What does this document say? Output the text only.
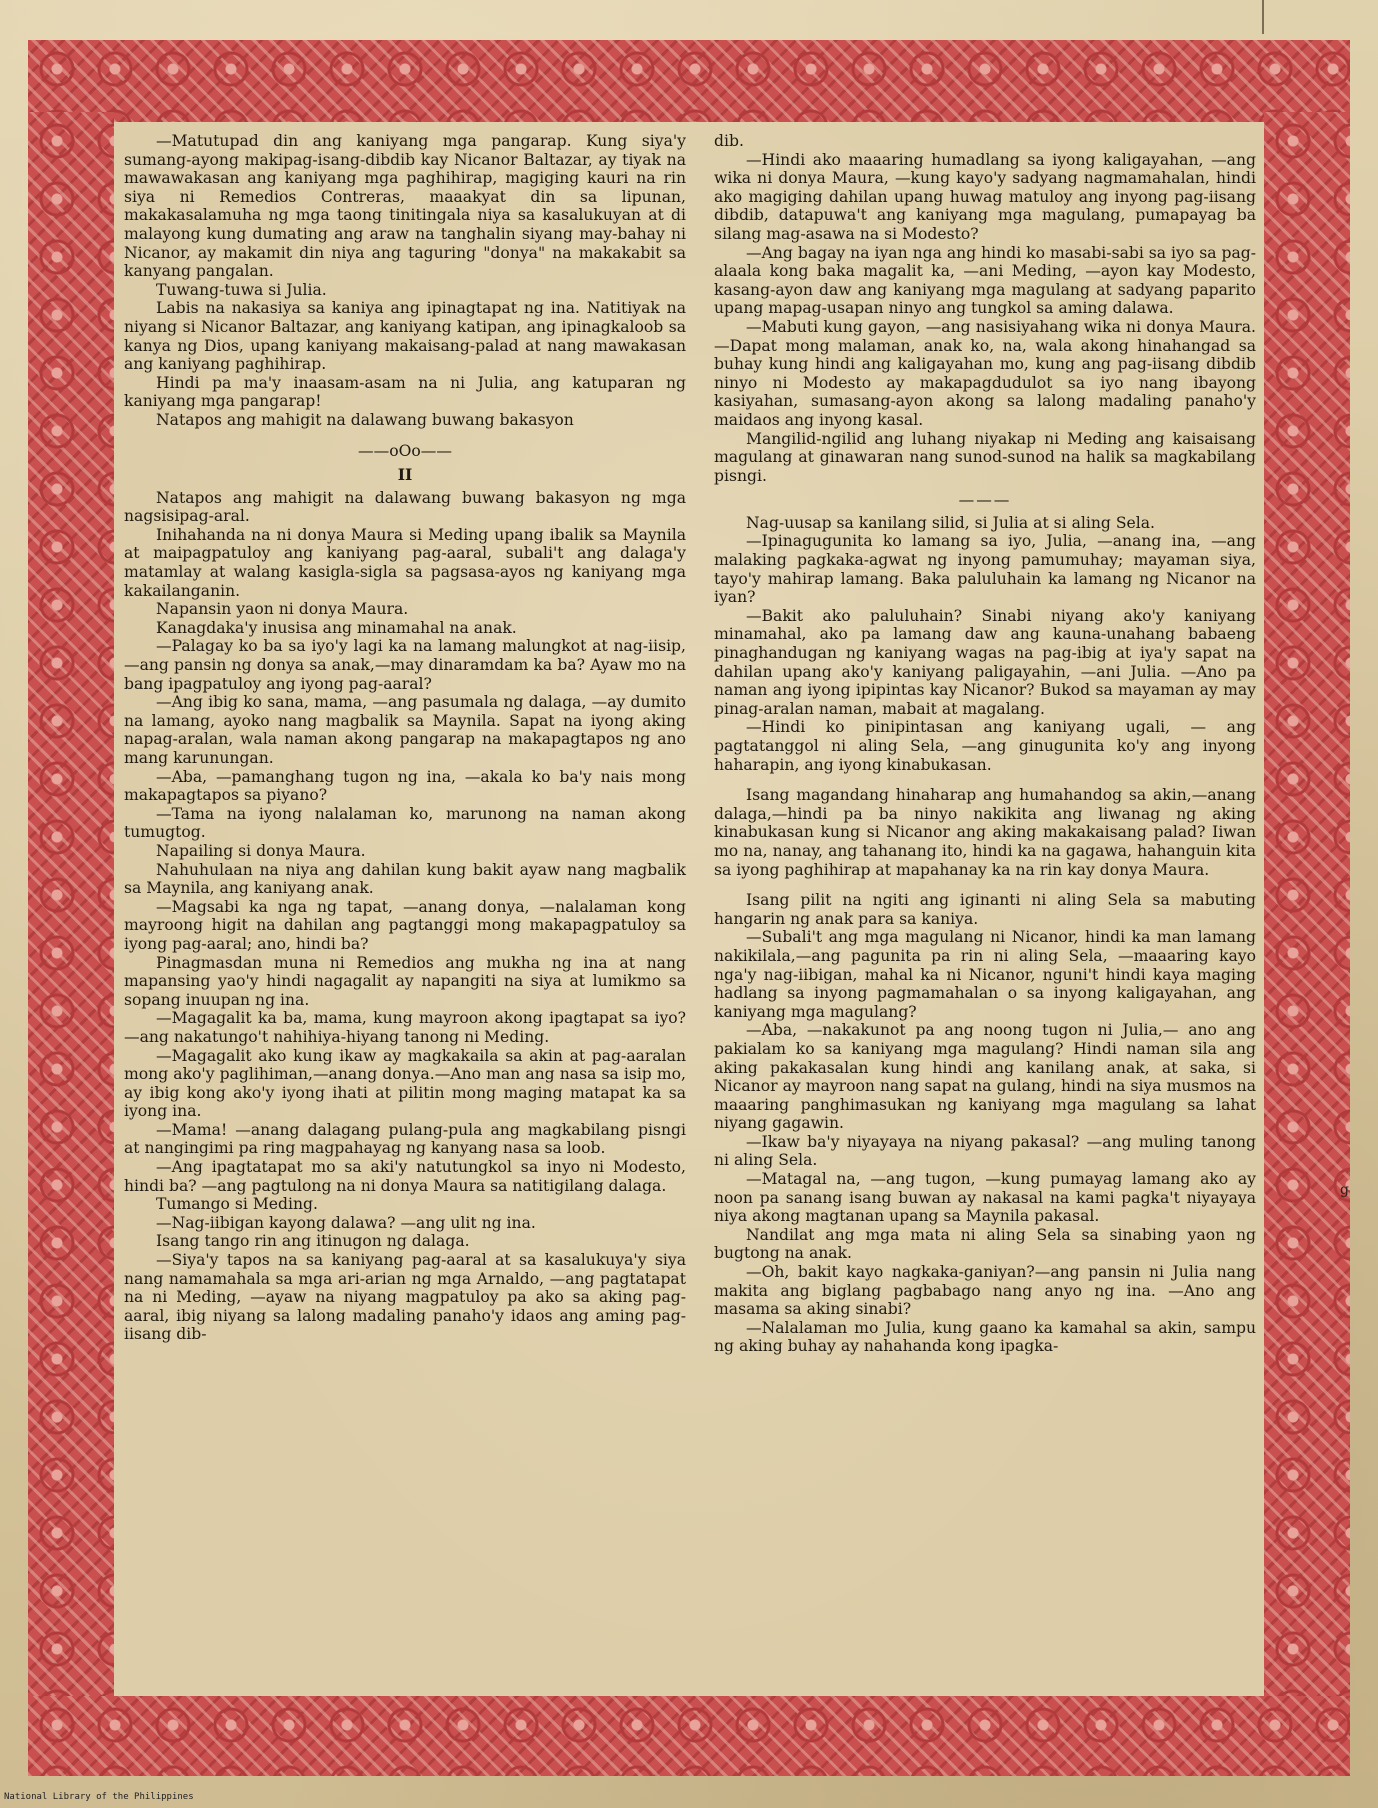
—Matutupad din ang kaniyang mga pangarap. Kung siya'y sumang-ayong makipag-isang-dibdib kay Nicanor Baltazar, ay tiyak na mawawakasan ang kaniyang mga paghihirap, magiging kauri na rin siya ni Remedios Contreras, maaakyat din sa lipunan, makakasalamuha ng mga taong tinitingala niya sa kasalukuyan at di malayong kung dumating ang araw na tanghalin siyang may-bahay ni Nicanor, ay makamit din niya ang taguring "donya" na makakabit sa kanyang pangalan.

Tuwang-tuwa si Julia.

Labis na nakasiya sa kaniya ang ipinagtapat ng ina. Natitiyak na niyang si Nicanor Baltazar, ang kaniyang katipan, ang ipinagkaloob sa kanya ng Dios, upang kaniyang makaisang-palad at nang mawakasan ang kaniyang paghihirap.

Hindi pa ma'y inaasam-asam na ni Julia, ang katuparan ng kaniyang mga pangarap!

Natapos ang mahigit na dalawang buwang bakasyon

——oOo——

II

Natapos ang mahigit na dalawang buwang bakasyon ng mga nagsisipag-aral.

Inihahanda na ni donya Maura si Meding upang ibalik sa Maynila at maipagpatuloy ang kaniyang pag-aaral, subali't ang dalaga'y matamlay at walang kasigla-sigla sa pagsasa-ayos ng kaniyang mga kakailanganin.

Napansin yaon ni donya Maura.

Kanagdaka'y inusisa ang minamahal na anak.

—Palagay ko ba sa iyo'y lagi ka na lamang malungkot at nag-iisip,—ang pansin ng donya sa anak,—may dinaramdam ka ba? Ayaw mo na bang ipagpatuloy ang iyong pag-aaral?

—Ang ibig ko sana, mama, —ang pasumala ng dalaga, —ay dumito na lamang, ayoko nang magbalik sa Maynila. Sapat na iyong aking napag-aralan, wala naman akong pangarap na makapagtapos ng ano mang karunungan.

—Aba, —pamanghang tugon ng ina, —akala ko ba'y nais mong makapagtapos sa piyano?

—Tama na iyong nalalaman ko, marunong na naman akong tumugtog.

Napailing si donya Maura.

Nahuhulaan na niya ang dahilan kung bakit ayaw nang magbalik sa Maynila, ang kaniyang anak.

—Magsabi ka nga ng tapat, —anang donya, —nalalaman kong mayroong higit na dahilan ang pagtanggi mong makapagpatuloy sa iyong pag-aaral; ano, hindi ba?

Pinagmasdan muna ni Remedios ang mukha ng ina at nang mapansing yao'y hindi nagagalit ay napangiti na siya at lumikmo sa sopang inuupan ng ina.

—Magagalit ka ba, mama, kung mayroon akong ipagtapat sa iyo? —ang nakatungo't nahihiya-hiyang tanong ni Meding.

—Magagalit ako kung ikaw ay magkakaila sa akin at pag-aaralan mong ako'y paglihiman,—anang donya.—Ano man ang nasa sa isip mo, ay ibig kong ako'y iyong ihati at pilitin mong maging matapat ka sa iyong ina.

—Mama! —anang dalagang pulang-pula ang magkabilang pisngi at nangingimi pa ring magpahayag ng kanyang nasa sa loob.

—Ang ipagtatapat mo sa aki'y natutungkol sa inyo ni Modesto, hindi ba? —ang pagtulong na ni donya Maura sa natitigilang dalaga.

Tumango si Meding.

—Nag-iibigan kayong dalawa? —ang ulit ng ina.

Isang tango rin ang itinugon ng dalaga.

—Siya'y tapos na sa kaniyang pag-aaral at sa kasalukuya'y siya nang namamahala sa mga ari-arian ng mga Arnaldo, —ang pagtatapat na ni Meding, —ayaw na niyang magpatuloy pa ako sa aking pag-aaral, ibig niyang sa lalong madaling panaho'y idaos ang aming pag-iisang dib-

dib.

—Hindi ako maaaring humadlang sa iyong kaligayahan, —ang wika ni donya Maura, —kung kayo'y sadyang nagmamahalan, hindi ako magiging dahilan upang huwag matuloy ang inyong pag-iisang dibdib, datapuwa't ang kaniyang mga magulang, pumapayag ba silang mag-asawa na si Modesto?

—Ang bagay na iyan nga ang hindi ko masabi-sabi sa iyo sa pag-alaala kong baka magalit ka, —ani Meding, —ayon kay Modesto, kasang-ayon daw ang kaniyang mga magulang at sadyang paparito upang mapag-usapan ninyo ang tungkol sa aming dalawa.

—Mabuti kung gayon, —ang nasisiyahang wika ni donya Maura. —Dapat mong malaman, anak ko, na, wala akong hinahangad sa buhay kung hindi ang kaligayahan mo, kung ang pag-iisang dibdib ninyo ni Modesto ay makapagdudulot sa iyo nang ibayong kasiyahan, sumasang-ayon akong sa lalong madaling panaho'y maidaos ang inyong kasal.

Mangilid-ngilid ang luhang niyakap ni Meding ang kaisaisang magulang at ginawaran nang sunod-sunod na halik sa magkabilang pisngi.

———

Nag-uusap sa kanilang silid, si Julia at si aling Sela.

—Ipinagugunita ko lamang sa iyo, Julia, —anang ina, —ang malaking pagkaka-agwat ng inyong pamumuhay; mayaman siya, tayo'y mahirap lamang. Baka paluluhain ka lamang ng Nicanor na iyan?

—Bakit ako paluluhain? Sinabi niyang ako'y kaniyang minamahal, ako pa lamang daw ang kauna-unahang babaeng pinaghandugan ng kaniyang wagas na pag-ibig at iya'y sapat na dahilan upang ako'y kaniyang paligayahin, —ani Julia. —Ano pa naman ang iyong ipipintas kay Nicanor? Bukod sa mayaman ay may pinag-aralan naman, mabait at magalang.

—Hindi ko pinipintasan ang kaniyang ugali, — ang pagtatanggol ni aling Sela, —ang ginugunita ko'y ang inyong haharapin, ang iyong kinabukasan.

Isang magandang hinaharap ang humahandog sa akin,—anang dalaga,—hindi pa ba ninyo nakikita ang liwanag ng aking kinabukasan kung si Nicanor ang aking makakaisang palad? Iiwan mo na, nanay, ang tahanang ito, hindi ka na gagawa, hahanguin kita sa iyong paghihirap at mapahanay ka na rin kay donya Maura.

Isang pilit na ngiti ang iginanti ni aling Sela sa mabuting hangarin ng anak para sa kaniya.

—Subali't ang mga magulang ni Nicanor, hindi ka man lamang nakikilala,—ang pagunita pa rin ni aling Sela, —maaaring kayo nga'y nag-iibigan, mahal ka ni Nicanor, nguni't hindi kaya maging hadlang sa inyong pagmamahalan o sa inyong kaligayahan, ang kaniyang mga magulang?

—Aba, —nakakunot pa ang noong tugon ni Julia,— ano ang pakialam ko sa kaniyang mga magulang? Hindi naman sila ang aking pakakasalan kung hindi ang kanilang anak, at saka, si Nicanor ay mayroon nang sapat na gulang, hindi na siya musmos na maaaring panghimasukan ng kaniyang mga magulang sa lahat niyang gagawin.

—Ikaw ba'y niyayaya na niyang pakasal? —ang muling tanong ni aling Sela.

—Matagal na, —ang tugon, —kung pumayag lamang ako ay noon pa sanang isang buwan ay nakasal na kami pagka't niyayaya niya akong magtanan upang sa Maynila pakasal.

Nandilat ang mga mata ni aling Sela sa sinabing yaon ng bugtong na anak.

—Oh, bakit kayo nagkaka-ganiyan?—ang pansin ni Julia nang makita ang biglang pagbabago nang anyo ng ina. —Ano ang masama sa aking sinabi?

—Nalalaman mo Julia, kung gaano ka kamahal sa akin, sampu ng aking buhay ay nahahanda kong ipagka-

g
National Library of the Philippines
